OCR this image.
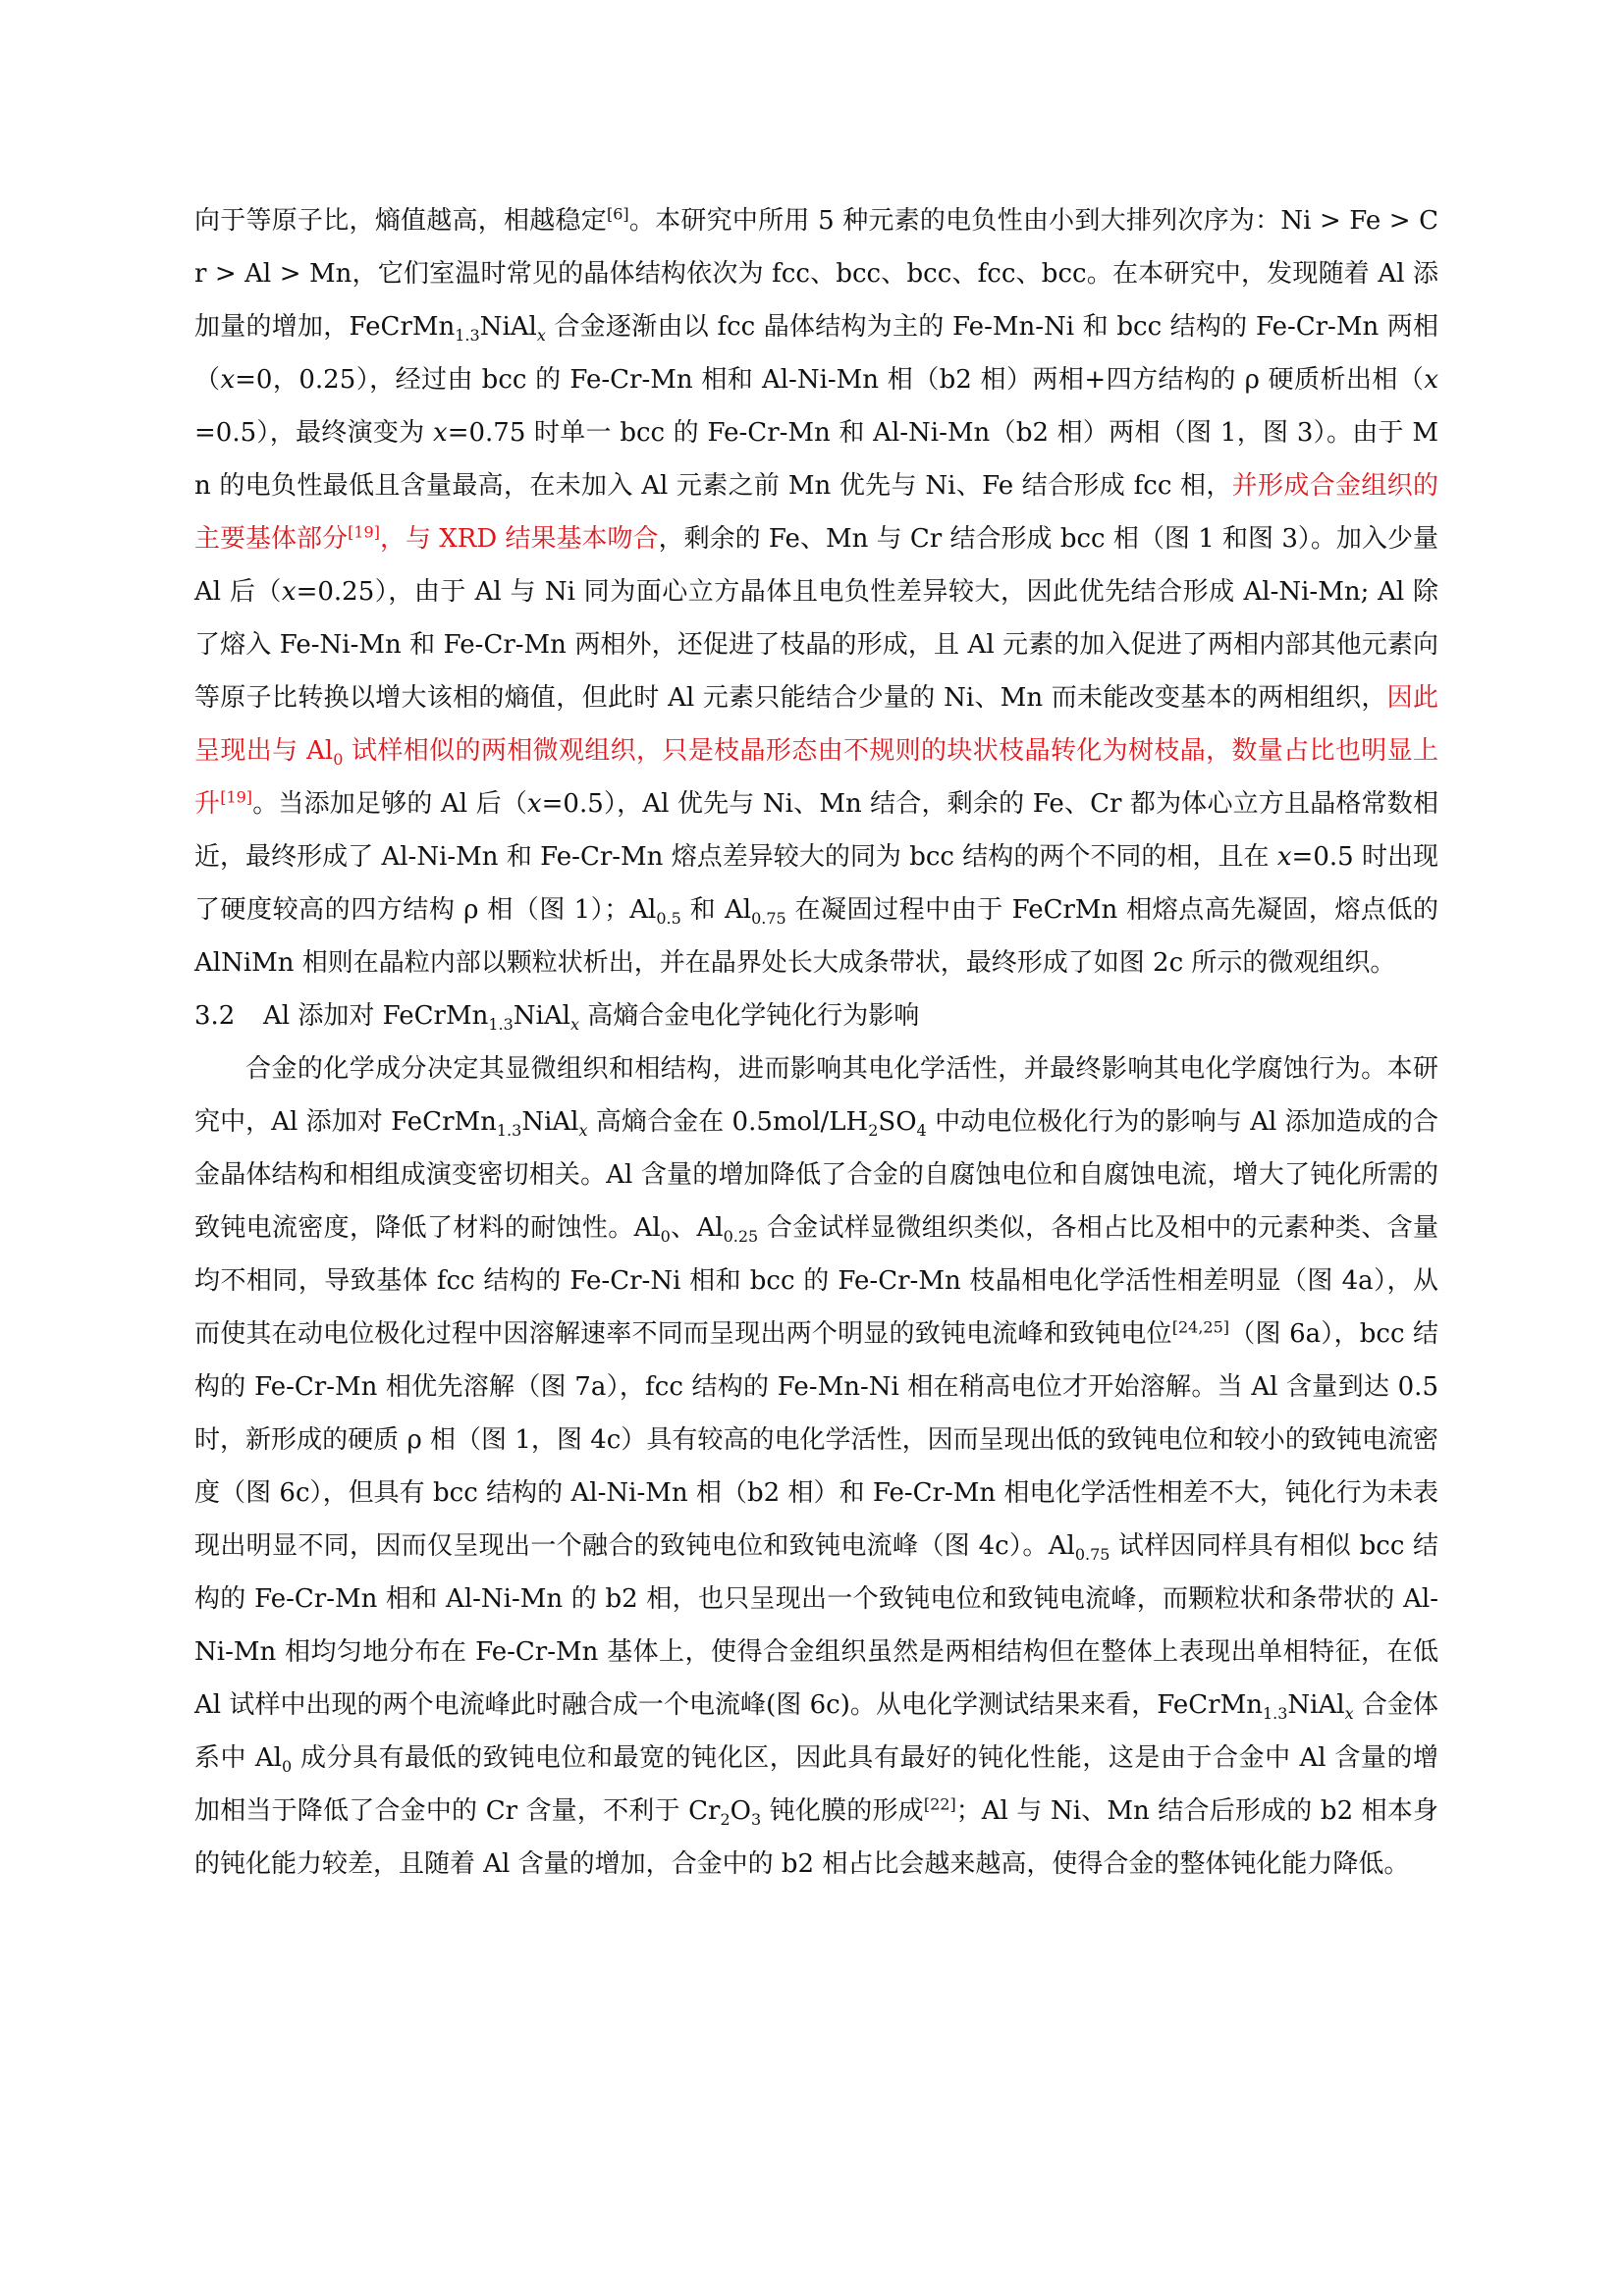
向于等原子比，熵值越高，相越稳定[6]。本研究中所用 5 种元素的电负性由小到大排列次序为：Ni > Fe > Cr > Al > Mn，它们室温时常见的晶体结构依次为 fcc、bcc、bcc、fcc、bcc。在本研究中，发现随着 Al 添加量的增加，FeCrMn$_{1.3}$NiAl$_x$ 合金逐渐由以 fcc 晶体结构为主的 Fe-Mn-Ni 和 bcc 结构的 Fe-Cr-Mn 两相（x=0，0.25），经过由 bcc 的 Fe-Cr-Mn 相和 Al-Ni-Mn 相（b2 相）两相+四方结构的 ρ 硬质析出相（x=0.5），最终演变为 x=0.75 时单一 bcc 的 Fe-Cr-Mn 和 Al-Ni-Mn（b2 相）两相（图 1，图 3）。由于 Mn 的电负性最低且含量最高，在未加入 Al 元素之前 Mn 优先与 Ni、Fe 结合形成 fcc 相，并形成合金组织的主要基体部分[19]，与 XRD 结果基本吻合，剩余的 Fe、Mn 与 Cr 结合形成 bcc 相（图 1 和图 3）。加入少量 Al 后（x=0.25），由于 Al 与 Ni 同为面心立方晶体且电负性差异较大，因此优先结合形成 Al-Ni-Mn; Al 除了熔入 Fe-Ni-Mn 和 Fe-Cr-Mn 两相外，还促进了枝晶的形成，且 Al 元素的加入促进了两相内部其他元素向等原子比转换以增大该相的熵值，但此时 Al 元素只能结合少量的 Ni、Mn 而未能改变基本的两相组织，因此呈现出与 $Al_0$ 试样相似的两相微观组织，只是枝晶形态由不规则的块状枝晶转化为树枝晶，数量占比也明显上升[19]。当添加足够的 Al 后（x=0.5），Al 优先与 Ni、Mn 结合，剩余的 Fe、Cr 都为体心立方且晶格常数相近，最终形成了 Al-Ni-Mn 和 Fe-Cr-Mn 熔点差异较大的同为 bcc 结构的两个不同的相，且在 x=0.5 时出现了硬度较高的四方结构 ρ 相（图 1）；$Al_{0.5}$ 和 $Al_{0.75}$ 在凝固过程中由于 FeCrMn 相熔点高先凝固，熔点低的 AlNiMn 相则在晶粒内部以颗粒状析出，并在晶界处长大成条带状，最终形成了如图 2c 所示的微观组织。

3.2 Al 添加对 FeCrMn$_{1.3}$NiAl$_x$ 高熵合金电化学钝化行为影响

合金的化学成分决定其显微组织和相结构，进而影响其电化学活性，并最终影响其电化学腐蚀行为。本研究中，Al 添加对 FeCrMn$_{1.3}$NiAl$_x$ 高熵合金在 $0.5mol/LH_2SO_4$ 中动电位极化行为的影响与 Al 添加造成的合金晶体结构和相组成演变密切相关。Al 含量的增加降低了合金的自腐蚀电位和自腐蚀电流，增大了钝化所需的致钝电流密度，降低了材料的耐蚀性。$Al_0$、$Al_{0.25}$ 合金试样显微组织类似，各相占比及相中的元素种类、含量均不相同，导致基体 fcc 结构的 Fe-Cr-Ni 相和 bcc 的 Fe-Cr-Mn 枝晶相电化学活性相差明显（图 4a），从而使其在动电位极化过程中因溶解速率不同而呈现出两个明显的致钝电流峰和致钝电位[24,25]（图 6a），bcc 结构的 Fe-Cr-Mn 相优先溶解（图 7a），fcc 结构的 Fe-Mn-Ni 相在稍高电位才开始溶解。当 Al 含量到达 0.5 时，新形成的硬质 ρ 相（图 1，图 4c）具有较高的电化学活性，因而呈现出低的致钝电位和较小的致钝电流密度（图 6c），但具有 bcc 结构的 Al-Ni-Mn 相（b2 相）和 Fe-Cr-Mn 相电化学活性相差不大，钝化行为未表现出明显不同，因而仅呈现出一个融合的致钝电位和致钝电流峰（图 4c）。$Al_{0.75}$ 试样因同样具有相似 bcc 结构的 Fe-Cr-Mn 相和 Al-Ni-Mn 的 b2 相，也只呈现出一个致钝电位和致钝电流峰，而颗粒状和条带状的 Al-Ni-Mn 相均匀地分布在 Fe-Cr-Mn 基体上，使得合金组织虽然是两相结构但在整体上表现出单相特征，在低 Al 试样中出现的两个电流峰此时融合成一个电流峰(图 6c)。从电化学测试结果来看，FeCrMn$_{1.3}$NiAl$_x$ 合金体系中 $Al_0$ 成分具有最低的致钝电位和最宽的钝化区，因此具有最好的钝化性能，这是由于合金中 Al 含量的增加相当于降低了合金中的 Cr 含量，不利于 $Cr_2O_3$ 钝化膜的形成[22]；Al 与 Ni、Mn 结合后形成的 b2 相本身的钝化能力较差，且随着 Al 含量的增加，合金中的 b2 相占比会越来越高，使得合金的整体钝化能力降低。
